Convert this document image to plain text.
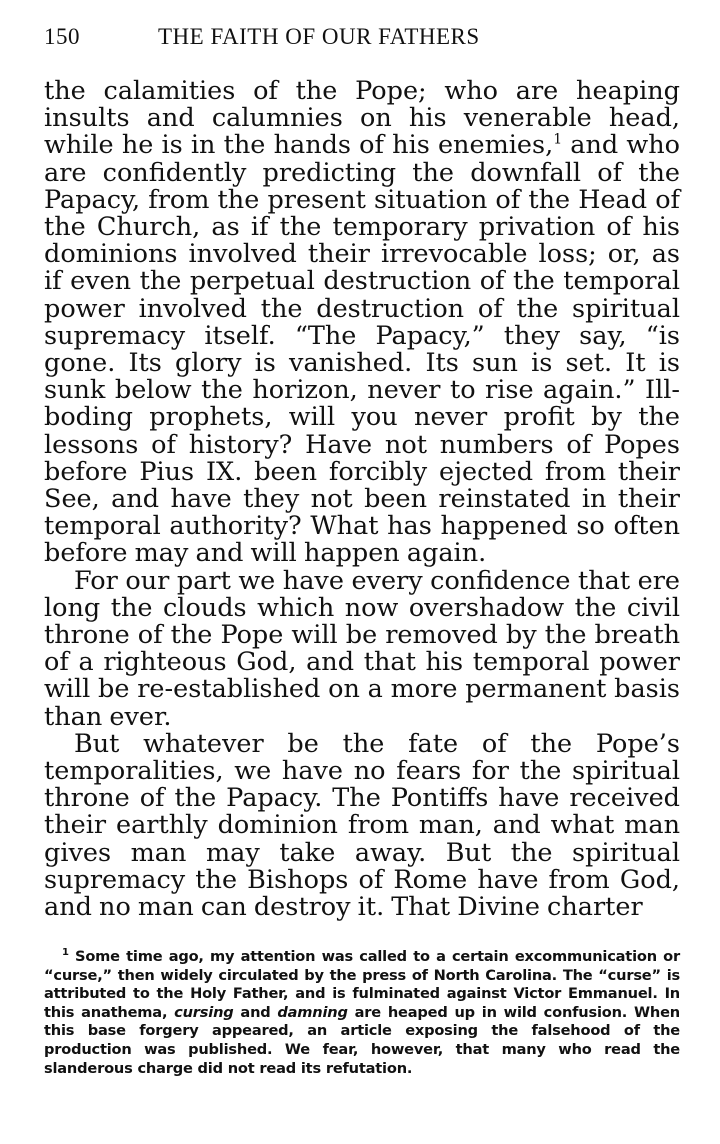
150	THE FAITH OF OUR FATHERS

the calamities of the Pope; who are heaping insults and calumnies on his venerable head, while he is in the hands of his enemies,$^1$ and who are confidently predicting the downfall of the Papacy, from the present situation of the Head of the Church, as if the temporary privation of his dominions involved their irrevocable loss; or, as if even the perpetual destruction of the temporal power involved the destruction of the spiritual supremacy itself. “The Papacy,” they say, “is gone. Its glory is vanished. Its sun is set. It is sunk below the horizon, never to rise again.” Ill-boding prophets, will you never profit by the lessons of history? Have not numbers of Popes before Pius IX. been forcibly ejected from their See, and have they not been reinstated in their temporal authority? What has happened so often before may and will happen again.

For our part we have every confidence that ere long the clouds which now overshadow the civil throne of the Pope will be removed by the breath of a righteous God, and that his temporal power will be re-established on a more permanent basis than ever.

But whatever be the fate of the Pope’s temporalities, we have no fears for the spiritual throne of the Papacy. The Pontiffs have received their earthly dominion from man, and what man gives man may take away. But the spiritual supremacy the Bishops of Rome have from God, and no man can destroy it. That Divine charter

$^1$ Some time ago, my attention was called to a certain excommunication or “curse,” then widely circulated by the press of North Carolina. The “curse” is attributed to the Holy Father, and is fulminated against Victor Emmanuel. In this anathema, cursing and damning are heaped up in wild confusion. When this base forgery appeared, an article exposing the falsehood of the production was published. We fear, however, that many who read the slanderous charge did not read its refutation.
